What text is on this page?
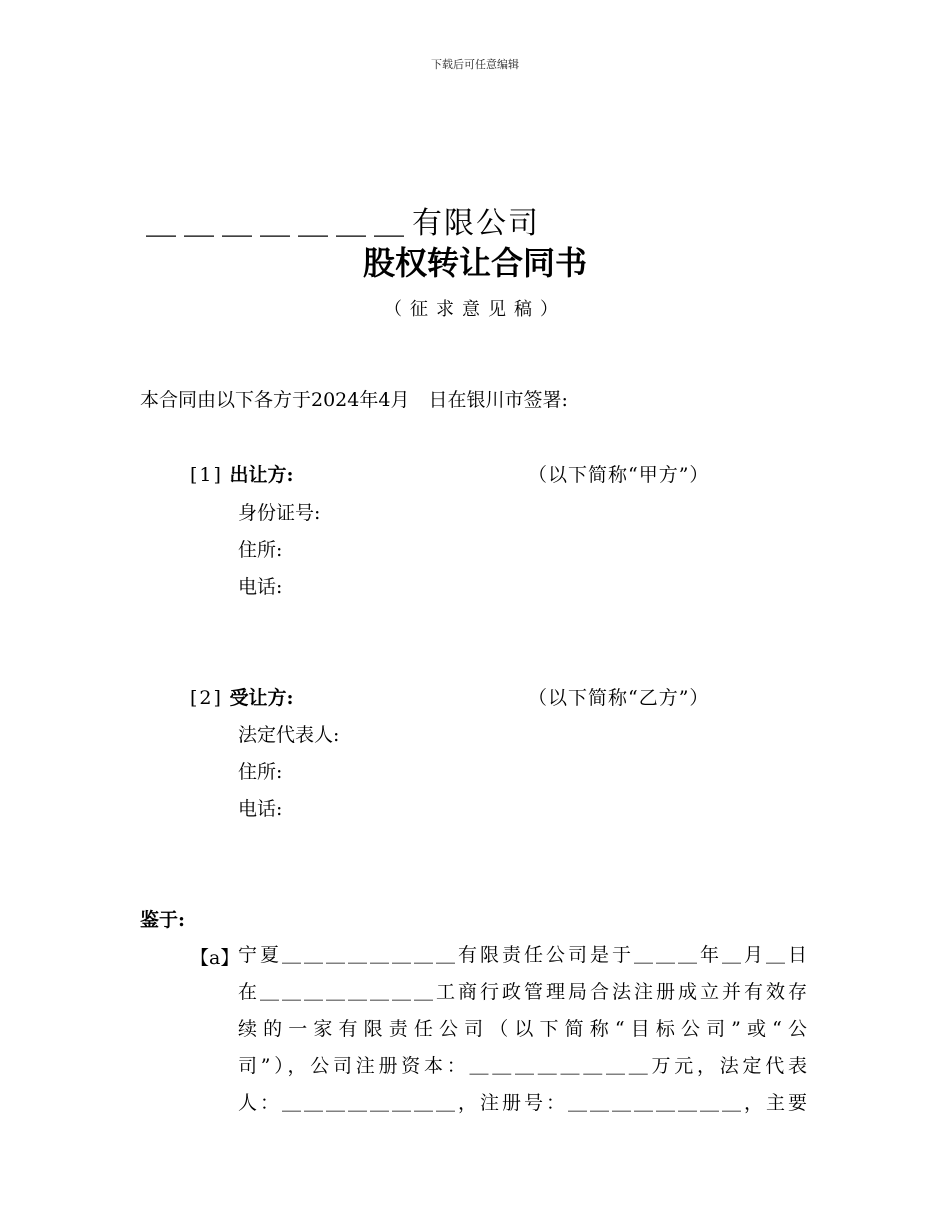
下载后可任意编辑
＿＿＿＿＿＿＿有限公司
股权转让合同书
（征求意见稿）
本合同由以下各方于2024年4月　日在银川市签署:
[1] 出让方:	（以下简称“甲方”）
身份证号:
住所:
电话:
[2] 受让方:	（以下简称“乙方”）
法定代表人:
住所:
电话:
鉴于:
【a】
宁夏＿＿＿＿＿＿＿＿有限责任公司是于＿＿＿年＿月＿日
在＿＿＿＿＿＿＿＿工商行政管理局合法注册成立并有效存
续的一家有限责任公司（以下简称“目标公司”或“公
司”），公司注册资本：＿＿＿＿＿＿＿＿万元，法定代表
人：＿＿＿＿＿＿＿＿，注册号：＿＿＿＿＿＿＿＿，主要
